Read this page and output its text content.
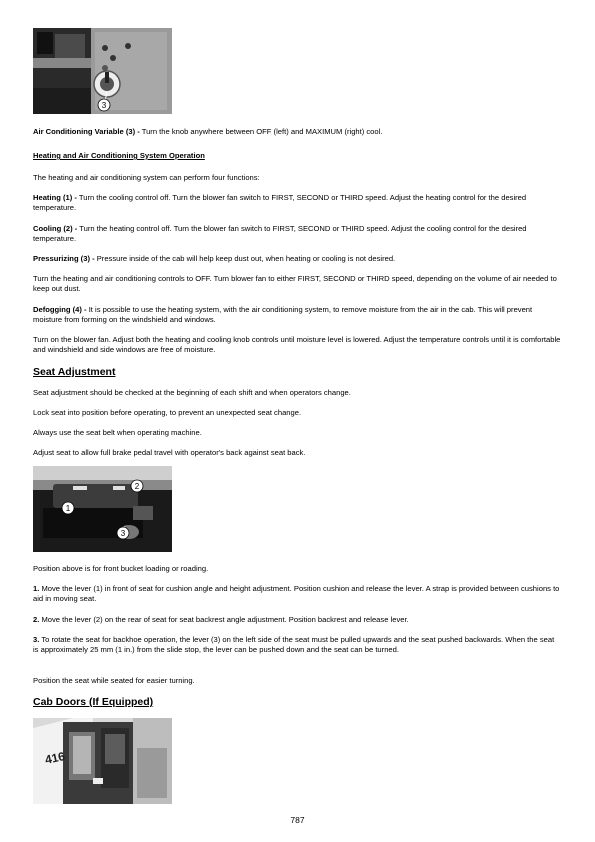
3

Air Conditioning Variable (3) - Turn the knob anywhere between OFF (left) and MAXIMUM (right) cool.

Heating and Air Conditioning System Operation

The heating and air conditioning system can perform four functions:

Heating (1) - Turn the cooling control off. Turn the blower fan switch to FIRST, SECOND or THIRD speed. Adjust the heating control for the desired temperature.

Cooling (2) - Turn the heating control off. Turn the blower fan switch to FIRST, SECOND or THIRD speed. Adjust the cooling control for the desired temperature.

Pressurizing (3) - Pressure inside of the cab will help keep dust out, when heating or cooling is not desired.

Turn the heating and air conditioning controls to OFF. Turn blower fan to either FIRST, SECOND or THIRD speed, depending on the volume of air needed to keep out dust.

Defogging (4) - It is possible to use the heating system, with the air conditioning system, to remove moisture from the air in the cab. This will prevent moisture from forming on the windshield and windows.

Turn on the blower fan. Adjust both the heating and cooling knob controls until moisture level is lowered. Adjust the temperature controls until it is comfortable and windshield and side windows are free of moisture.

Seat Adjustment

Seat adjustment should be checked at the beginning of each shift and when operators change.

Lock seat into position before operating, to prevent an unexpected seat change.

Always use the seat belt when operating machine.

Adjust seat to allow full brake pedal travel with operator's back against seat back.

1
2
3

Position above is for front bucket loading or roading.

1. Move the lever (1) in front of seat for cushion angle and height adjustment. Position cushion and release the lever. A strap is provided between cushions to aid in moving seat.

2. Move the lever (2) on the rear of seat for seat backrest angle adjustment. Position backrest and release lever.

3. To rotate the seat for backhoe operation, the lever (3) on the left side of the seat must be pulled upwards and the seat pushed backwards. When the seat is approximately 25 mm (1 in.) from the slide stop, the lever can be pushed down and the seat can be turned.

Position the seat while seated for easier turning.

Cab Doors (If Equipped)
416
787
